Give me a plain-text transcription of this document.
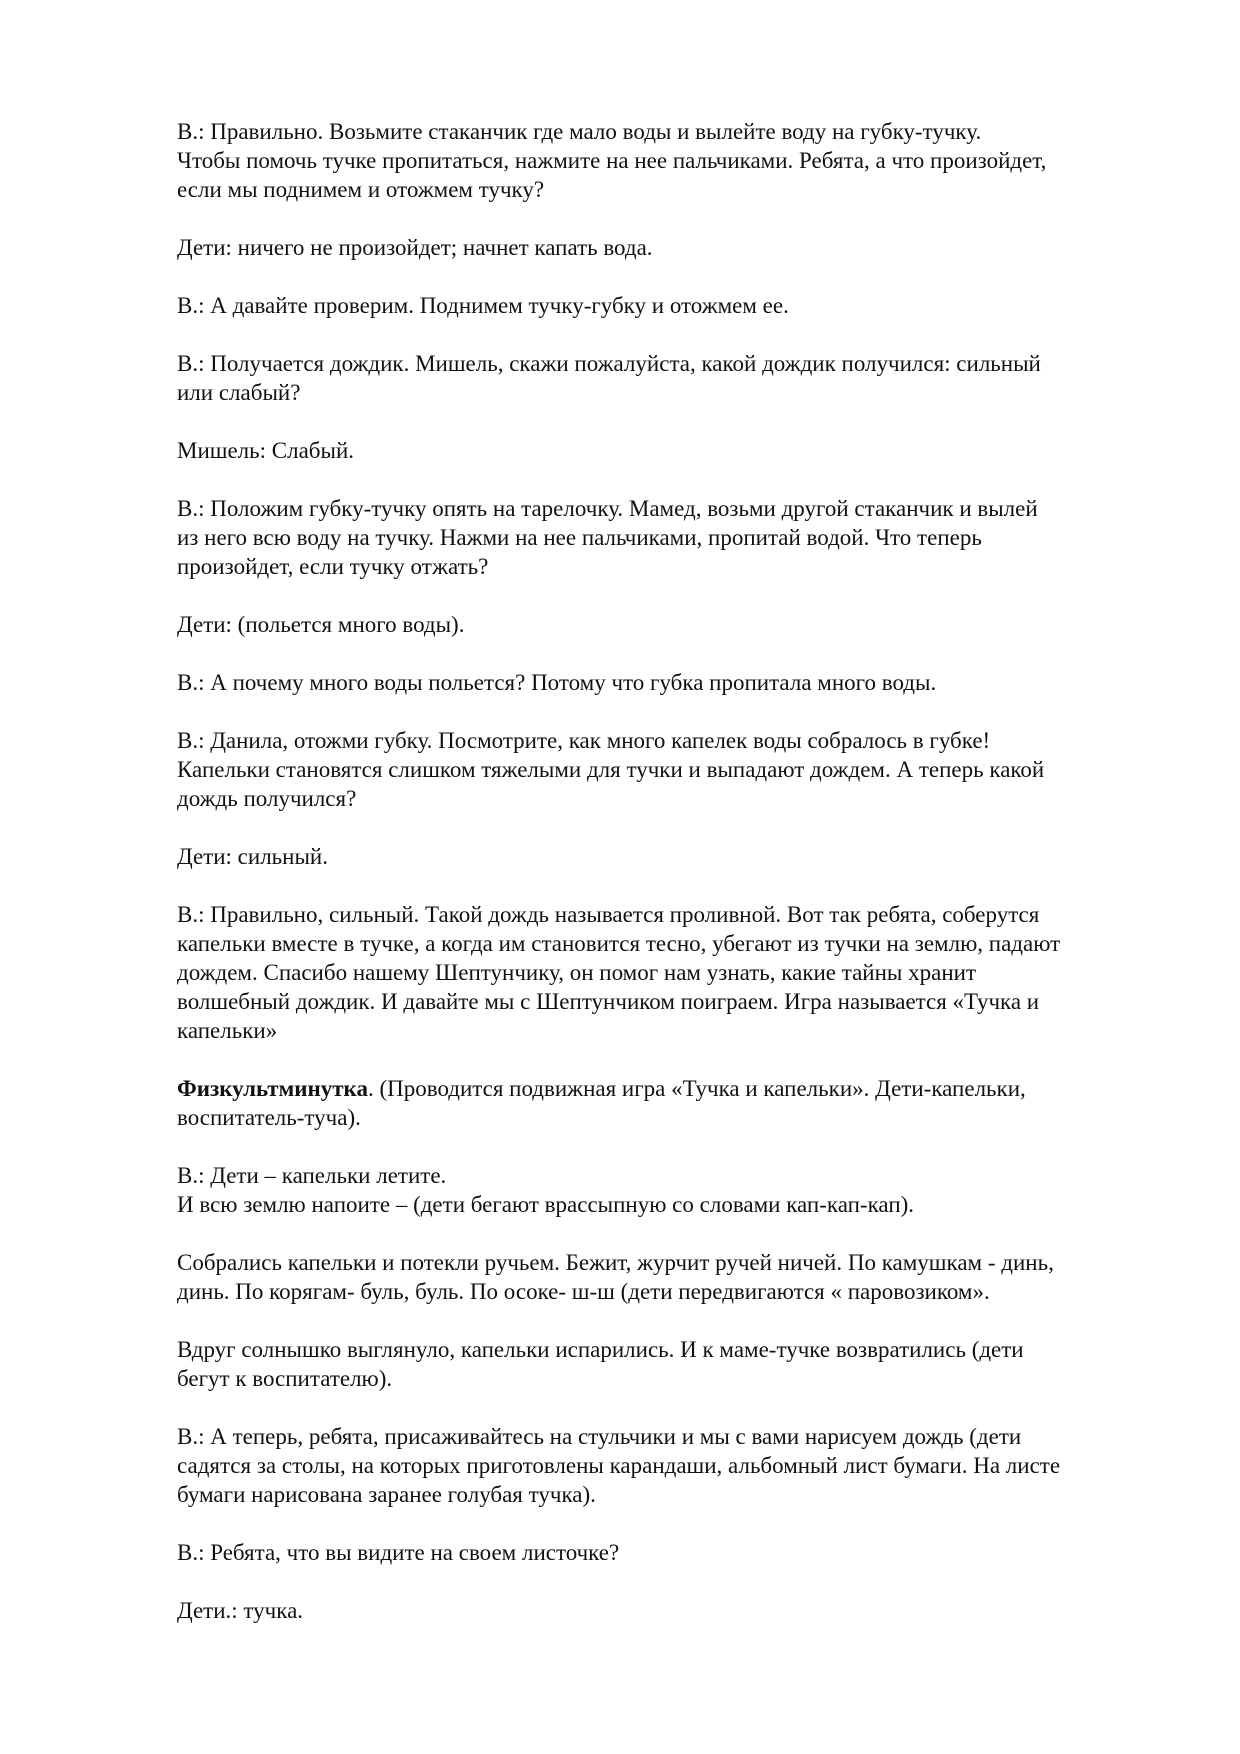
В.: Правильно. Возьмите стаканчик где мало воды и вылейте воду на губку-тучку.
Чтобы помочь тучке пропитаться, нажмите на нее пальчиками. Ребята, а что произойдет,
если мы поднимем и отожмем тучку?

Дети: ничего не произойдет; начнет капать вода.

В.: А давайте проверим. Поднимем тучку-губку и отожмем ее.

В.: Получается дождик. Мишель, скажи пожалуйста, какой дождик получился: сильный
или слабый?

Мишель: Слабый.

В.: Положим губку-тучку опять на тарелочку. Мамед, возьми другой стаканчик и вылей
из него всю воду на тучку. Нажми на нее пальчиками, пропитай водой. Что теперь
произойдет, если тучку отжать?

Дети: (польется много воды).

В.: А почему много воды польется? Потому что губка пропитала много воды.

В.: Данила, отожми губку. Посмотрите, как много капелек воды собралось в губке!
Капельки становятся слишком тяжелыми для тучки и выпадают дождем. А теперь какой
дождь получился?

Дети: сильный.

В.: Правильно, сильный. Такой дождь называется проливной. Вот так ребята, соберутся
капельки вместе в тучке, а когда им становится тесно, убегают из тучки на землю, падают
дождем. Спасибо нашему Шептунчику, он помог нам узнать, какие тайны хранит
волшебный дождик. И давайте мы с Шептунчиком поиграем. Игра называется «Тучка и
капельки»

Физкультминутка. (Проводится подвижная игра «Тучка и капельки». Дети-капельки,
воспитатель-туча).

В.: Дети – капельки летите.
И всю землю напоите – (дети бегают врассыпную со словами кап-кап-кап).

Собрались капельки и потекли ручьем. Бежит, журчит ручей ничей. По камушкам - динь,
динь. По корягам- буль, буль. По осоке- ш-ш (дети передвигаются « паровозиком».

Вдруг солнышко выглянуло, капельки испарились. И к маме-тучке возвратились (дети
бегут к воспитателю).

В.: А теперь, ребята, присаживайтесь на стульчики и мы с вами нарисуем дождь (дети
садятся за столы, на которых приготовлены карандаши, альбомный лист бумаги. На листе
бумаги нарисована заранее голубая тучка).

В.: Ребята, что вы видите на своем листочке?

Дети.: тучка.
